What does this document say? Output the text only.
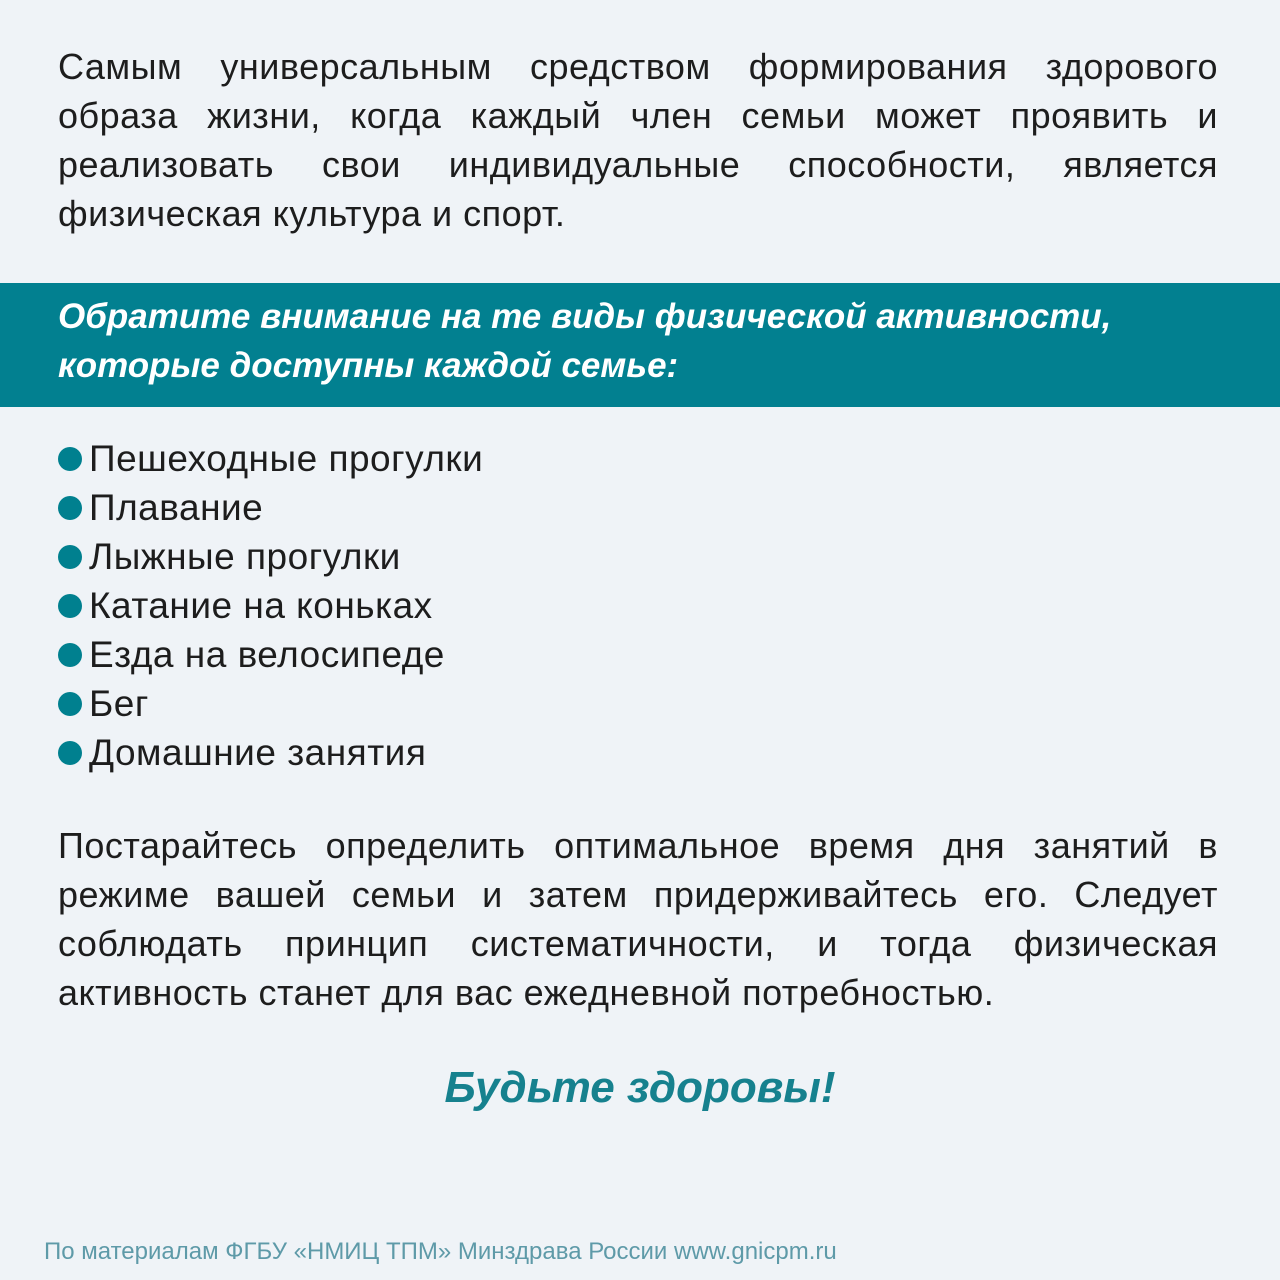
Самым универсальным средством формирования здорового образа жизни, когда каждый член семьи может проявить и реализовать свои индивидуальные способности, является физическая культура и спорт.

Обратите внимание на те виды физической активности, которые доступны каждой семье:

Пешеходные прогулки
Плавание
Лыжные прогулки
Катание на коньках
Езда на велосипеде
Бег
Домашние занятия

Постарайтесь определить оптимальное время дня занятий в режиме вашей семьи и затем придерживайтесь его. Следует соблюдать принцип систематичности, и тогда физическая активность станет для вас ежедневной потребностью.

Будьте здоровы!

По материалам ФГБУ «НМИЦ ТПМ» Минздрава России www.gnicpm.ru
